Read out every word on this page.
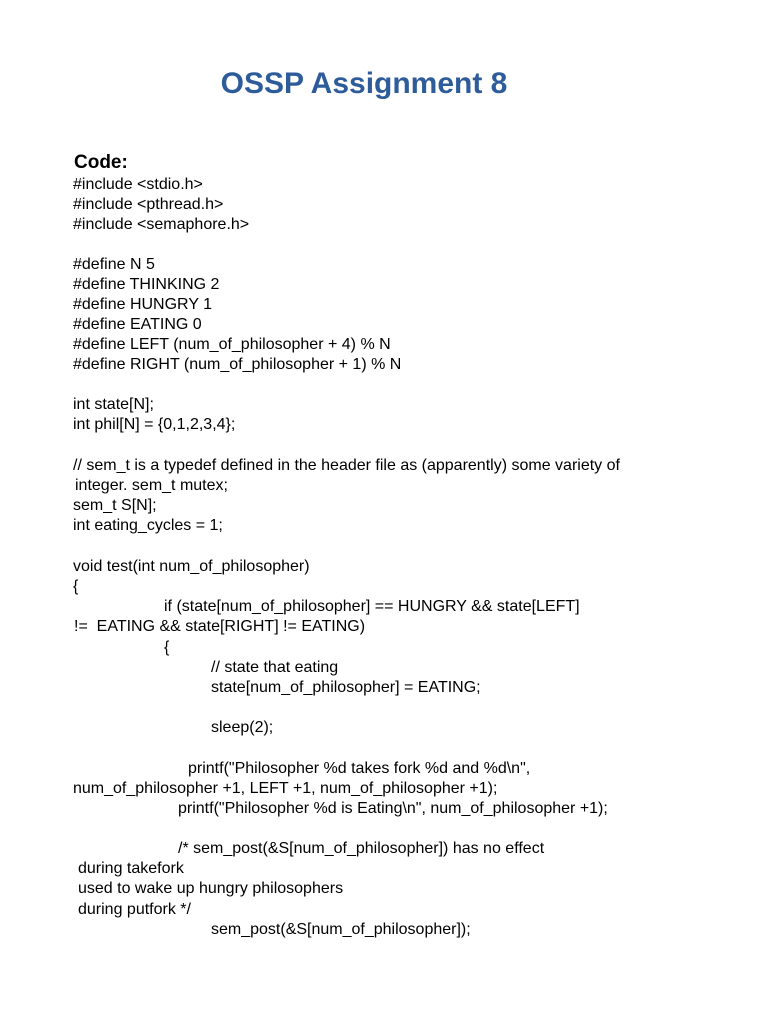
OSSP Assignment 8
Code:
#include <stdio.h>
#include <pthread.h>
#include <semaphore.h>
#define N 5
#define THINKING 2
#define HUNGRY 1
#define EATING 0
#define LEFT (num_of_philosopher + 4) % N
#define RIGHT (num_of_philosopher + 1) % N
int state[N];
int phil[N] = {0,1,2,3,4};
// sem_t is a typedef defined in the header file as (apparently) some variety of
integer. sem_t mutex;
sem_t S[N];
int eating_cycles = 1;
void test(int num_of_philosopher)
{
if (state[num_of_philosopher] == HUNGRY && state[LEFT]
!=  EATING && state[RIGHT] != EATING)
{
// state that eating
state[num_of_philosopher] = EATING;
sleep(2);
printf("Philosopher %d takes fork %d and %d\n",
num_of_philosopher +1, LEFT +1, num_of_philosopher +1);
printf("Philosopher %d is Eating\n", num_of_philosopher +1);
/* sem_post(&S[num_of_philosopher]) has no effect
during takefork
used to wake up hungry philosophers
during putfork */
sem_post(&S[num_of_philosopher]);
